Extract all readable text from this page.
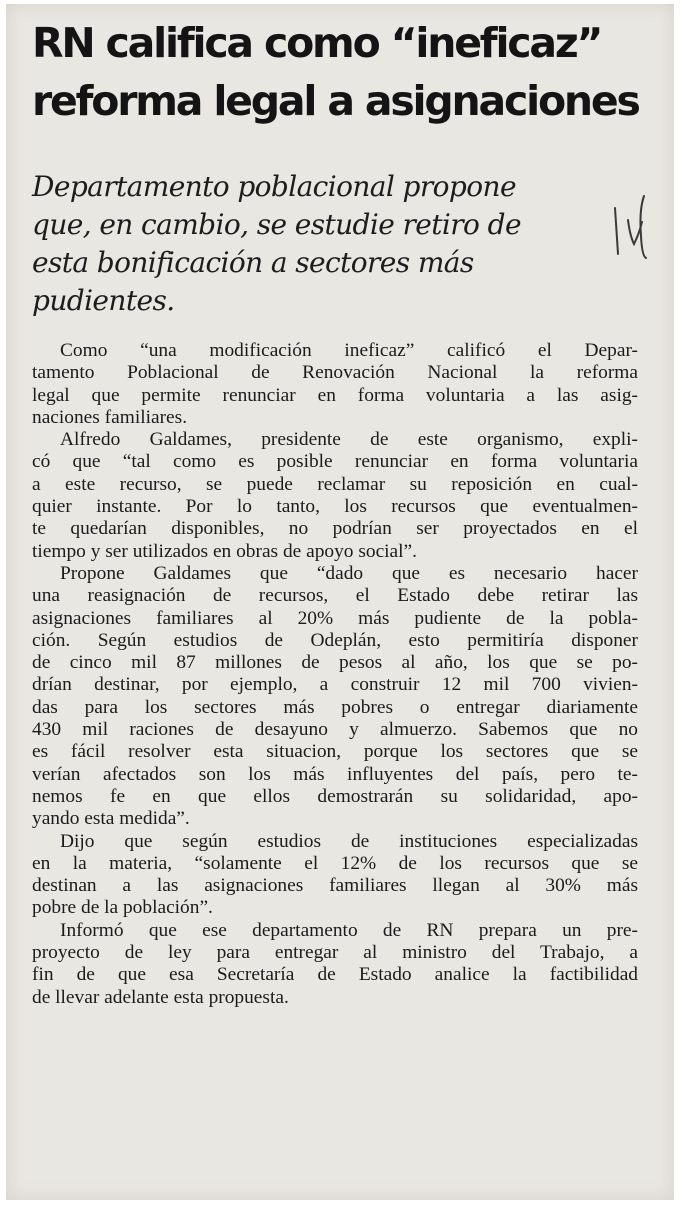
RN califica como “ineficaz”
reforma legal a asignaciones
Departamento poblacional propone
que, en cambio, se estudie retiro de
esta bonificación a sectores más
pudientes.
Como “una modificación ineficaz” calificó el Depar-
tamento Poblacional de Renovación Nacional la reforma
legal que permite renunciar en forma voluntaria a las asig-
naciones familiares.
Alfredo Galdames, presidente de este organismo, expli-
có que “tal como es posible renunciar en forma voluntaria
a este recurso, se puede reclamar su reposición en cual-
quier instante. Por lo tanto, los recursos que eventualmen-
te quedarían disponibles, no podrían ser proyectados en el
tiempo y ser utilizados en obras de apoyo social”.
Propone Galdames que “dado que es necesario hacer
una reasignación de recursos, el Estado debe retirar las
asignaciones familiares al 20% más pudiente de la pobla-
ción. Según estudios de Odeplán, esto permitiría disponer
de cinco mil 87 millones de pesos al año, los que se po-
drían destinar, por ejemplo, a construir 12 mil 700 vivien-
das para los sectores más pobres o entregar diariamente
430 mil raciones de desayuno y almuerzo. Sabemos que no
es fácil resolver esta situacion, porque los sectores que se
verían afectados son los más influyentes del país, pero te-
nemos fe en que ellos demostrarán su solidaridad, apo-
yando esta medida”.
Dijo que según estudios de instituciones especializadas
en la materia, “solamente el 12% de los recursos que se
destinan a las asignaciones familiares llegan al 30% más
pobre de la población”.
Informó que ese departamento de RN prepara un pre-
proyecto de ley para entregar al ministro del Trabajo, a
fin de que esa Secretaría de Estado analice la factibilidad
de llevar adelante esta propuesta.
